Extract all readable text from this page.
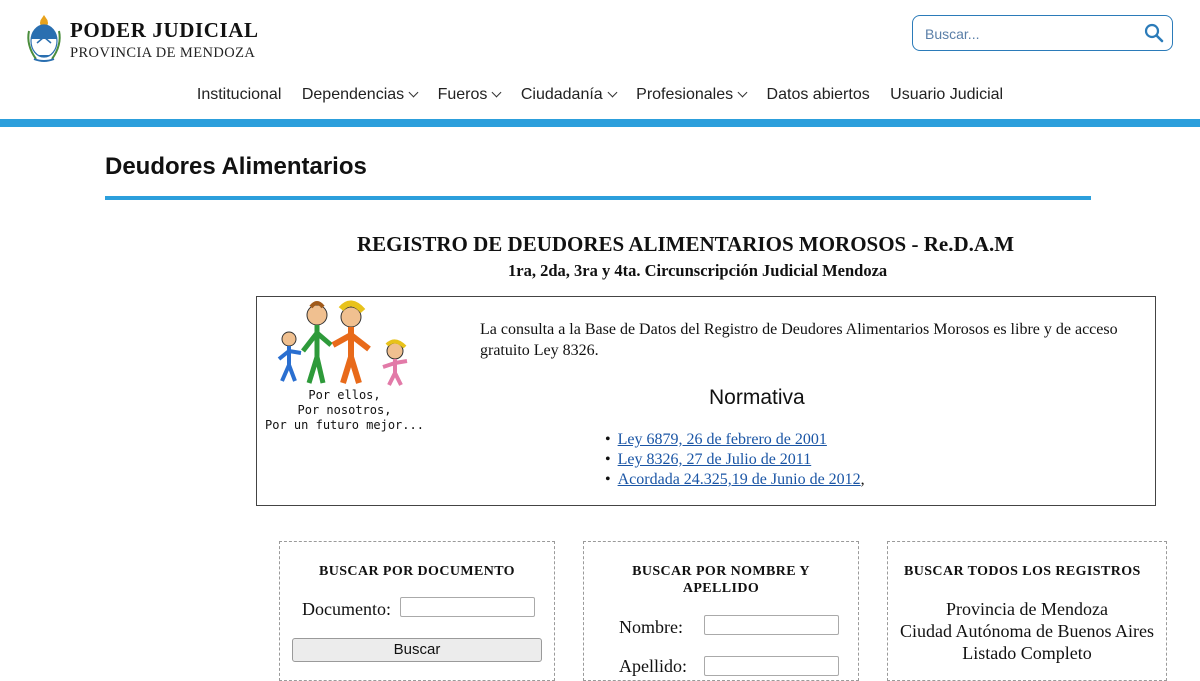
PODER JUDICIAL
PROVINCIA DE MENDOZA
Buscar...
Institucional Dependencias Fueros Ciudadanía Profesionales Datos abiertos Usuario Judicial
Deudores Alimentarios
REGISTRO DE DEUDORES ALIMENTARIOS MOROSOS - Re.D.A.M
1ra, 2da, 3ra y 4ta. Circunscripción Judicial Mendoza
Por ellos,
Por nosotros,
Por un futuro mejor...
La consulta a la Base de Datos del Registro de Deudores Alimentarios Morosos es libre y de acceso gratuito Ley 8326.
Normativa
• Ley 6879, 26 de febrero de 2001
• Ley 8326, 27 de Julio de 2011
• Acordada 24.325,19 de Junio de 2012,
BUSCAR POR DOCUMENTO
Documento:
Buscar
BUSCAR POR NOMBRE Y
APELLIDO
Nombre:
Apellido:
BUSCAR TODOS LOS REGISTROS
Provincia de Mendoza
Ciudad Autónoma de Buenos Aires
Listado Completo
